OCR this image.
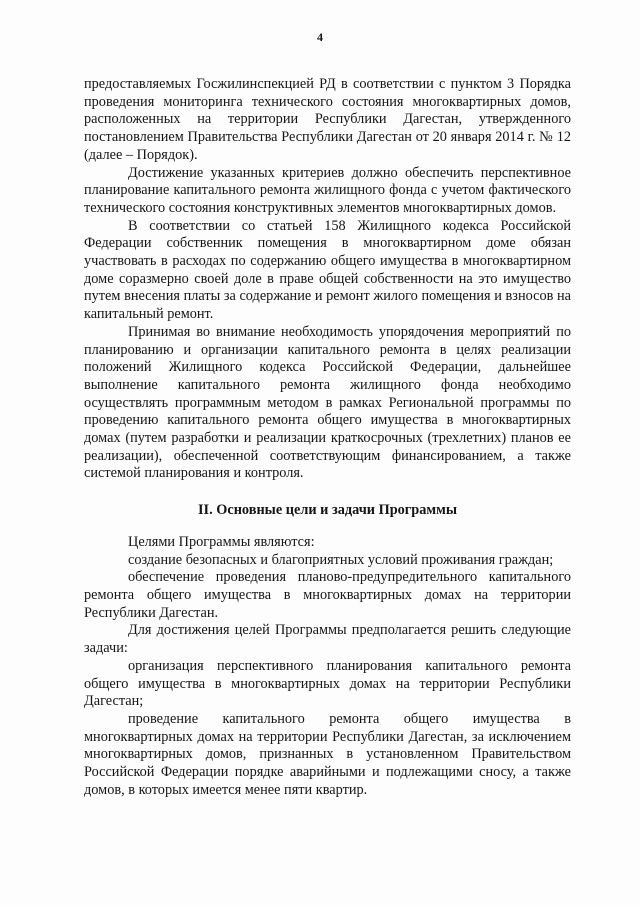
4

предоставляемых Госжилинспекцией РД в соответствии с пунктом 3 Порядка проведения мониторинга технического состояния многоквартирных домов, расположенных на территории Республики Дагестан, утвержденного постановлением Правительства Республики Дагестан от 20 января 2014 г. № 12 (далее – Порядок).

Достижение указанных критериев должно обеспечить перспективное планирование капитального ремонта жилищного фонда с учетом фактического технического состояния конструктивных элементов многоквартирных домов.

В соответствии со статьей 158 Жилищного кодекса Российской Федерации собственник помещения в многоквартирном доме обязан участвовать в расходах по содержанию общего имущества в многоквартирном доме соразмерно своей доле в праве общей собственности на это имущество путем внесения платы за содержание и ремонт жилого помещения и взносов на капитальный ремонт.

Принимая во внимание необходимость упорядочения мероприятий по планированию и организации капитального ремонта в целях реализации положений Жилищного кодекса Российской Федерации, дальнейшее выполнение капитального ремонта жилищного фонда необходимо осуществлять программным методом в рамках Региональной программы по проведению капитального ремонта общего имущества в многоквартирных домах (путем разработки и реализации краткосрочных (трехлетних) планов ее реализации), обеспеченной соответствующим финансированием, а также системой планирования и контроля.

II. Основные цели и задачи Программы

Целями Программы являются:

создание безопасных и благоприятных условий проживания граждан;

обеспечение проведения планово-предупредительного капитального ремонта общего имущества в многоквартирных домах на территории Республики Дагестан.

Для достижения целей Программы предполагается решить следующие задачи:

организация перспективного планирования капитального ремонта общего имущества в многоквартирных домах на территории Республики Дагестан;

проведение капитального ремонта общего имущества в многоквартирных домах на территории Республики Дагестан, за исключением многоквартирных домов, признанных в установленном Правительством Российской Федерации порядке аварийными и подлежащими сносу, а также домов, в которых имеется менее пяти квартир.
